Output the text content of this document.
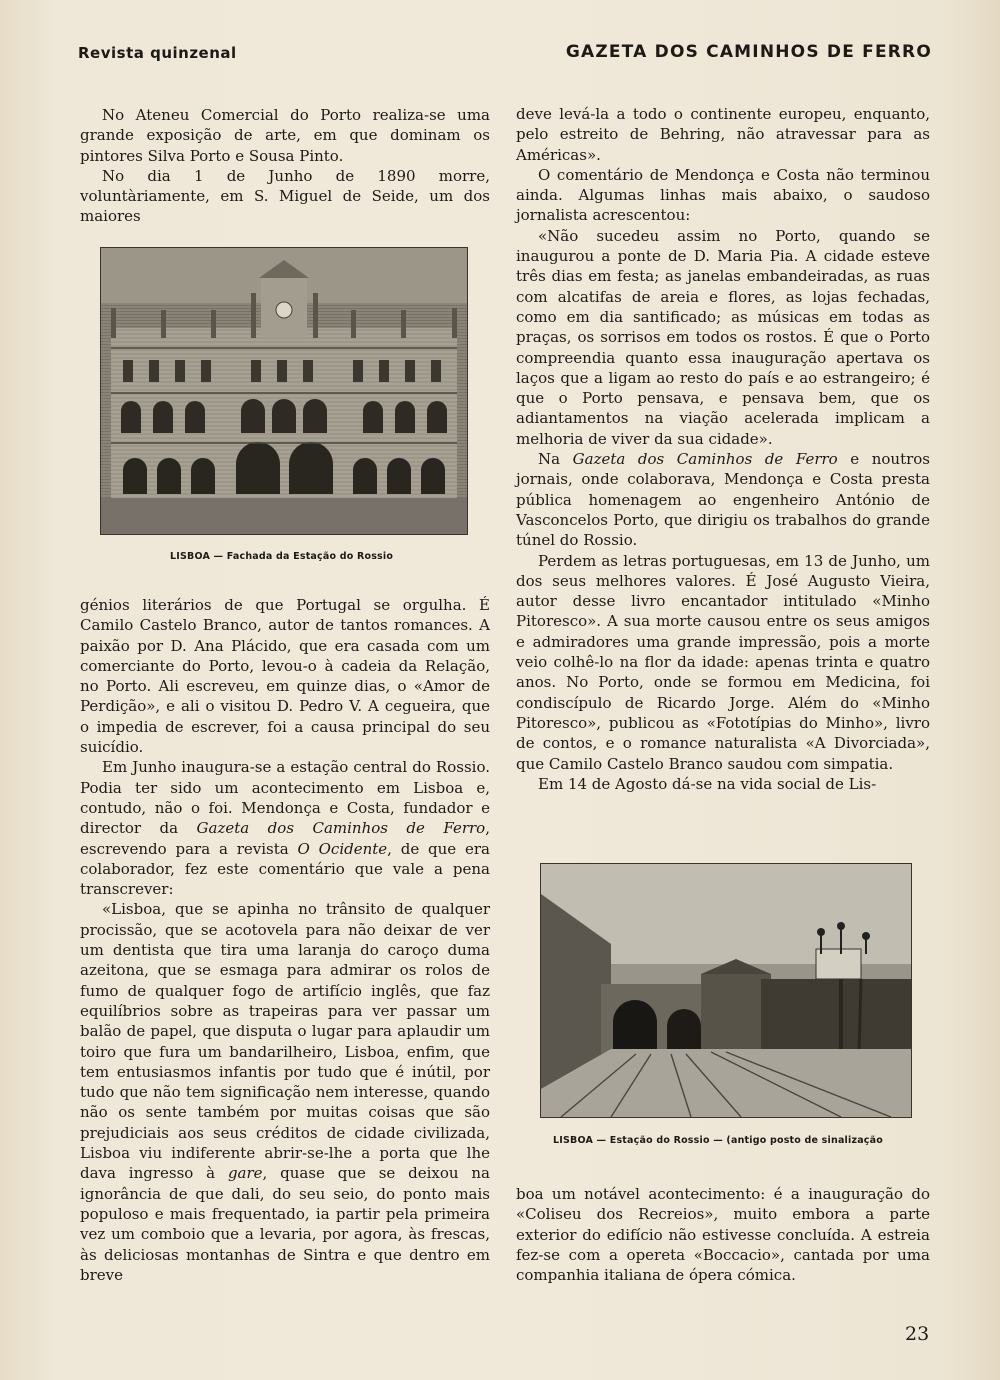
Revista quinzenal	GAZETA DOS CAMINHOS DE FERRO

No Ateneu Comercial do Porto realiza-se uma grande exposição de arte, em que dominam os pintores Silva Porto e Sousa Pinto.

No dia 1 de Junho de 1890 morre, voluntàriamente, em S. Miguel de Seide, um dos maiores

LISBOA — Fachada da Estação do Rossio

génios literários de que Portugal se orgulha. É Camilo Castelo Branco, autor de tantos romances. A paixão por D. Ana Plácido, que era casada com um comerciante do Porto, levou-o à cadeia da Relação, no Porto. Ali escreveu, em quinze dias, o «Amor de Perdição», e ali o visitou D. Pedro V. A cegueira, que o impedia de escrever, foi a causa principal do seu suicídio.

Em Junho inaugura-se a estação central do Rossio. Podia ter sido um acontecimento em Lisboa e, contudo, não o foi. Mendonça e Costa, fundador e director da Gazeta dos Caminhos de Ferro, escrevendo para a revista O Ocidente, de que era colaborador, fez este comentário que vale a pena transcrever:

«Lisboa, que se apinha no trânsito de qualquer procissão, que se acotovela para não deixar de ver um dentista que tira uma laranja do caroço duma azeitona, que se esmaga para admirar os rolos de fumo de qualquer fogo de artifício inglês, que faz equilíbrios sobre as trapeiras para ver passar um balão de papel, que disputa o lugar para aplaudir um toiro que fura um bandarilheiro, Lisboa, enfim, que tem entusiasmos infantis por tudo que é inútil, por tudo que não tem significação nem interesse, quando não os sente também por muitas coisas que são prejudiciais aos seus créditos de cidade civilizada, Lisboa viu indiferente abrir-se-lhe a porta que lhe dava ingresso à gare, quase que se deixou na ignorância de que dali, do seu seio, do ponto mais populoso e mais frequentado, ia partir pela primeira vez um comboio que a levaria, por agora, às frescas, às deliciosas montanhas de Sintra e que dentro em breve

deve levá-la a todo o continente europeu, enquanto, pelo estreito de Behring, não atravessar para as Américas».

O comentário de Mendonça e Costa não terminou ainda. Algumas linhas mais abaixo, o saudoso jornalista acrescentou:

«Não sucedeu assim no Porto, quando se inaugurou a ponte de D. Maria Pia. A cidade esteve três dias em festa; as janelas embandeiradas, as ruas com alcatifas de areia e flores, as lojas fechadas, como em dia santificado; as músicas em todas as praças, os sorrisos em todos os rostos. É que o Porto compreendia quanto essa inauguração apertava os laços que a ligam ao resto do país e ao estrangeiro; é que o Porto pensava, e pensava bem, que os adiantamentos na viação acelerada implicam a melhoria de viver da sua cidade».

Na Gazeta dos Caminhos de Ferro e noutros jornais, onde colaborava, Mendonça e Costa presta pública homenagem ao engenheiro António de Vasconcelos Porto, que dirigiu os trabalhos do grande túnel do Rossio.

Perdem as letras portuguesas, em 13 de Junho, um dos seus melhores valores. É José Augusto Vieira, autor desse livro encantador intitulado «Minho Pitoresco». A sua morte causou entre os seus amigos e admiradores uma grande impressão, pois a morte veio colhê-lo na flor da idade: apenas trinta e quatro anos. No Porto, onde se formou em Medicina, foi condiscípulo de Ricardo Jorge. Além do «Minho Pitoresco», publicou as «Fototípias do Minho», livro de contos, e o romance naturalista «A Divorciada», que Camilo Castelo Branco saudou com simpatia.

Em 14 de Agosto dá-se na vida social de Lis-

LISBOA — Estação do Rossio — (antigo posto de sinalização

boa um notável acontecimento: é a inauguração do «Coliseu dos Recreios», muito embora a parte exterior do edifício não estivesse concluída. A estreia fez-se com a opereta «Boccacio», cantada por uma companhia italiana de ópera cómica.

23
